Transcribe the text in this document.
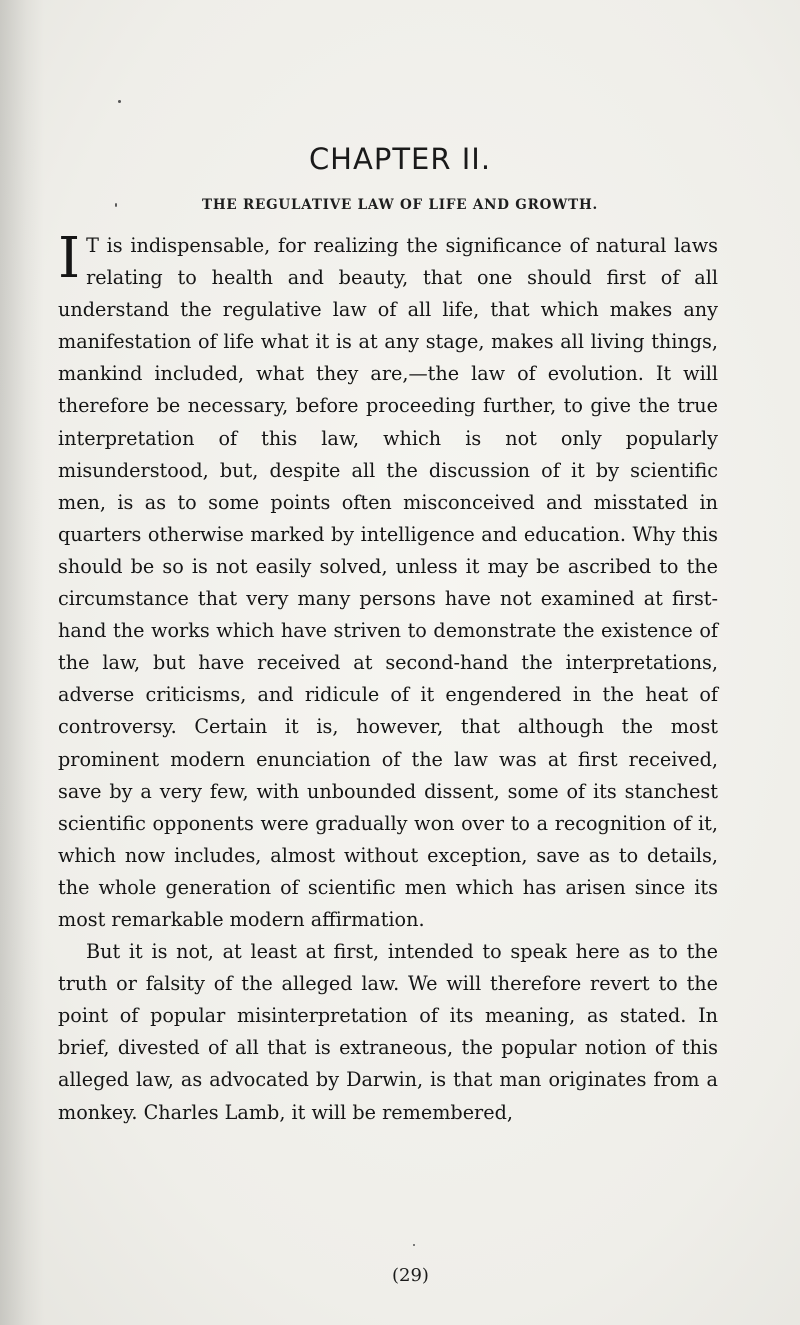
CHAPTER II.
THE REGULATIVE LAW OF LIFE AND GROWTH.

IT is indispensable, for realizing the significance of natural laws relating to health and beauty, that one should first of all understand the regulative law of all life, that which makes any manifestation of life what it is at any stage, makes all living things, mankind included, what they are,—the law of evolution. It will therefore be necessary, before proceeding further, to give the true interpretation of this law, which is not only popularly misunderstood, but, despite all the discussion of it by scientific men, is as to some points often misconceived and misstated in quarters otherwise marked by intelligence and education. Why this should be so is not easily solved, unless it may be ascribed to the circumstance that very many persons have not examined at first-hand the works which have striven to demonstrate the existence of the law, but have received at second-hand the interpretations, adverse criticisms, and ridicule of it engendered in the heat of controversy. Certain it is, however, that although the most prominent modern enunciation of the law was at first received, save by a very few, with unbounded dissent, some of its stanchest scientific opponents were gradually won over to a recognition of it, which now includes, almost without exception, save as to details, the whole generation of scientific men which has arisen since its most remarkable modern affirmation.

But it is not, at least at first, intended to speak here as to the truth or falsity of the alleged law. We will therefore revert to the point of popular misinterpretation of its meaning, as stated. In brief, divested of all that is extraneous, the popular notion of this alleged law, as advocated by Darwin, is that man originates from a monkey. Charles Lamb, it will be remembered,

(29)
